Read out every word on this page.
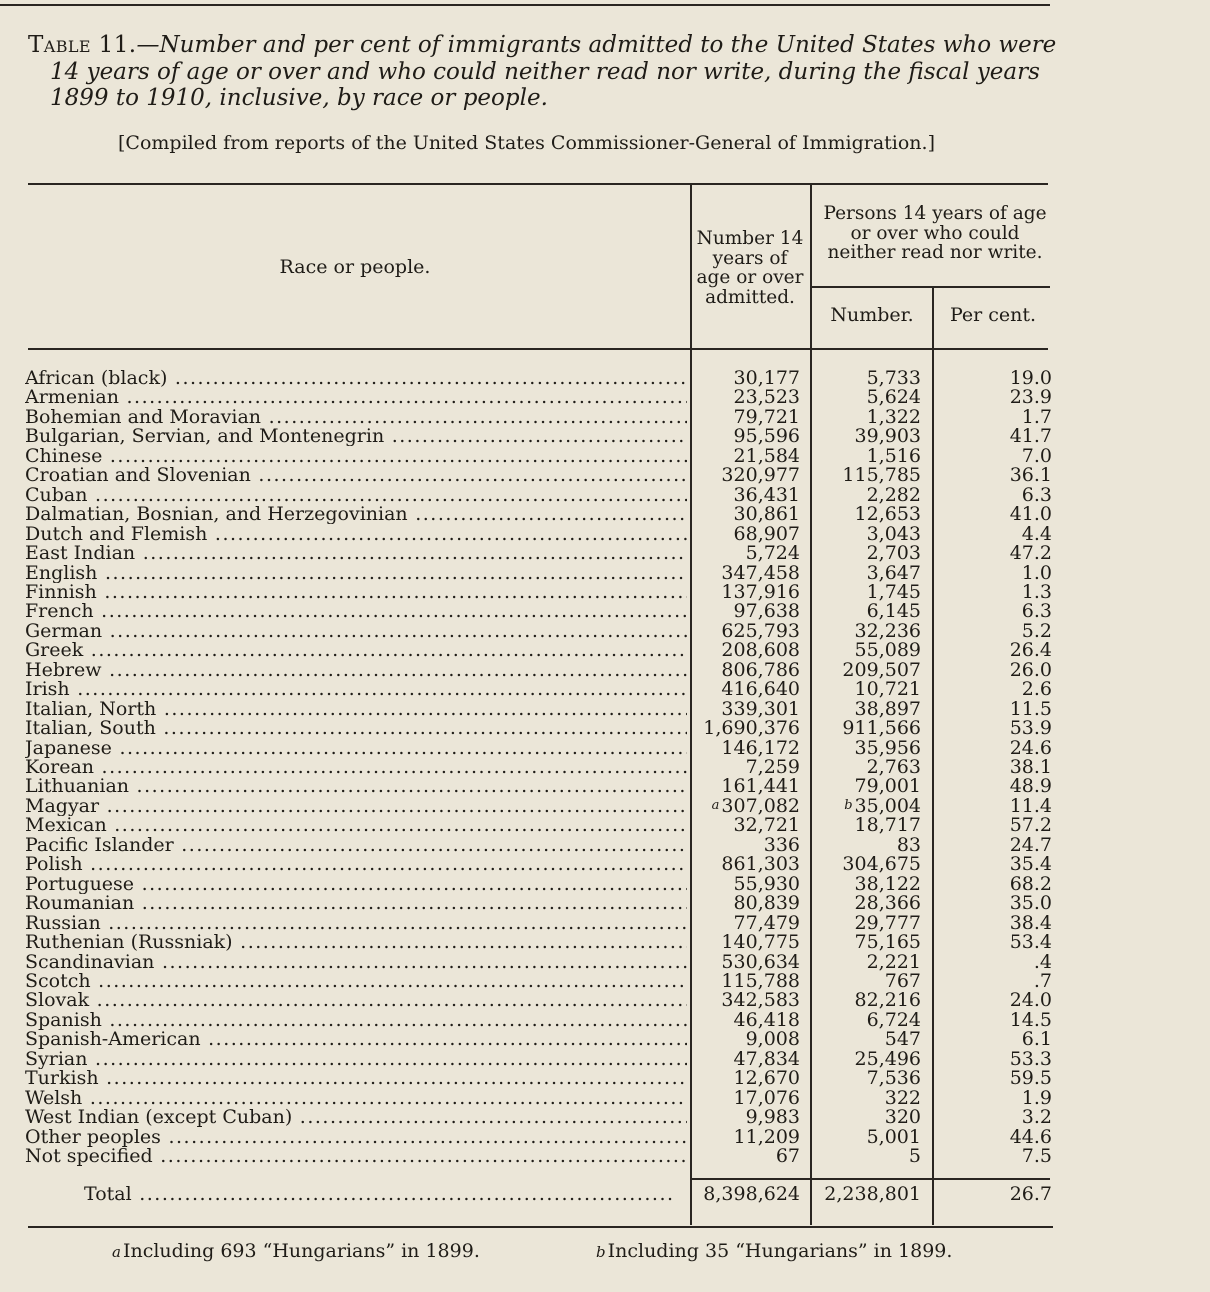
Table 11.—Number and per cent of immigrants admitted to the United States who were 14 years of age or over and who could neither read nor write, during the fiscal years 1899 to 1910, inclusive, by race or people.

[Compiled from reports of the United States Commissioner-General of Immigration.]
Race or people.
Number 14 years of age or over admitted.
Persons 14 years of age or over who could neither read nor write.
Number.	Per cent.
African (black) .....	30,177	5,733	19.0
Armenian .....	23,523	5,624	23.9
Bohemian and Moravian .....	79,721	1,322	1.7
Bulgarian, Servian, and Montenegrin .....	95,596	39,903	41.7
Chinese .....	21,584	1,516	7.0
Croatian and Slovenian .....	320,977	115,785	36.1
Cuban .....	36,431	2,282	6.3
Dalmatian, Bosnian, and Herzegovinian .....	30,861	12,653	41.0
Dutch and Flemish .....	68,907	3,043	4.4
East Indian .....	5,724	2,703	47.2
English .....	347,458	3,647	1.0
Finnish .....	137,916	1,745	1.3
French .....	97,638	6,145	6.3
German .....	625,793	32,236	5.2
Greek .....	208,608	55,089	26.4
Hebrew .....	806,786	209,507	26.0
Irish .....	416,640	10,721	2.6
Italian, North .....	339,301	38,897	11.5
Italian, South .....	1,690,376	911,566	53.9
Japanese .....	146,172	35,956	24.6
Korean .....	7,259	2,763	38.1
Lithuanian .....	161,441	79,001	48.9
Magyar .....	a 307,082	b 35,004	11.4
Mexican .....	32,721	18,717	57.2
Pacific Islander .....	336	83	24.7
Polish .....	861,303	304,675	35.4
Portuguese .....	55,930	38,122	68.2
Roumanian .....	80,839	28,366	35.0
Russian .....	77,479	29,777	38.4
Ruthenian (Russniak) .....	140,775	75,165	53.4
Scandinavian .....	530,634	2,221	.4
Scotch .....	115,788	767	.7
Slovak .....	342,583	82,216	24.0
Spanish .....	46,418	6,724	14.5
Spanish-American .....	9,008	547	6.1
Syrian .....	47,834	25,496	53.3
Turkish .....	12,670	7,536	59.5
Welsh .....	17,076	322	1.9
West Indian (except Cuban) .....	9,983	320	3.2
Other peoples .....	11,209	5,001	44.6
Not specified .....	67	5	7.5
Total .....	8,398,624	2,238,801	26.7
a Including 693 “Hungarians” in 1899.	b Including 35 “Hungarians” in 1899.
